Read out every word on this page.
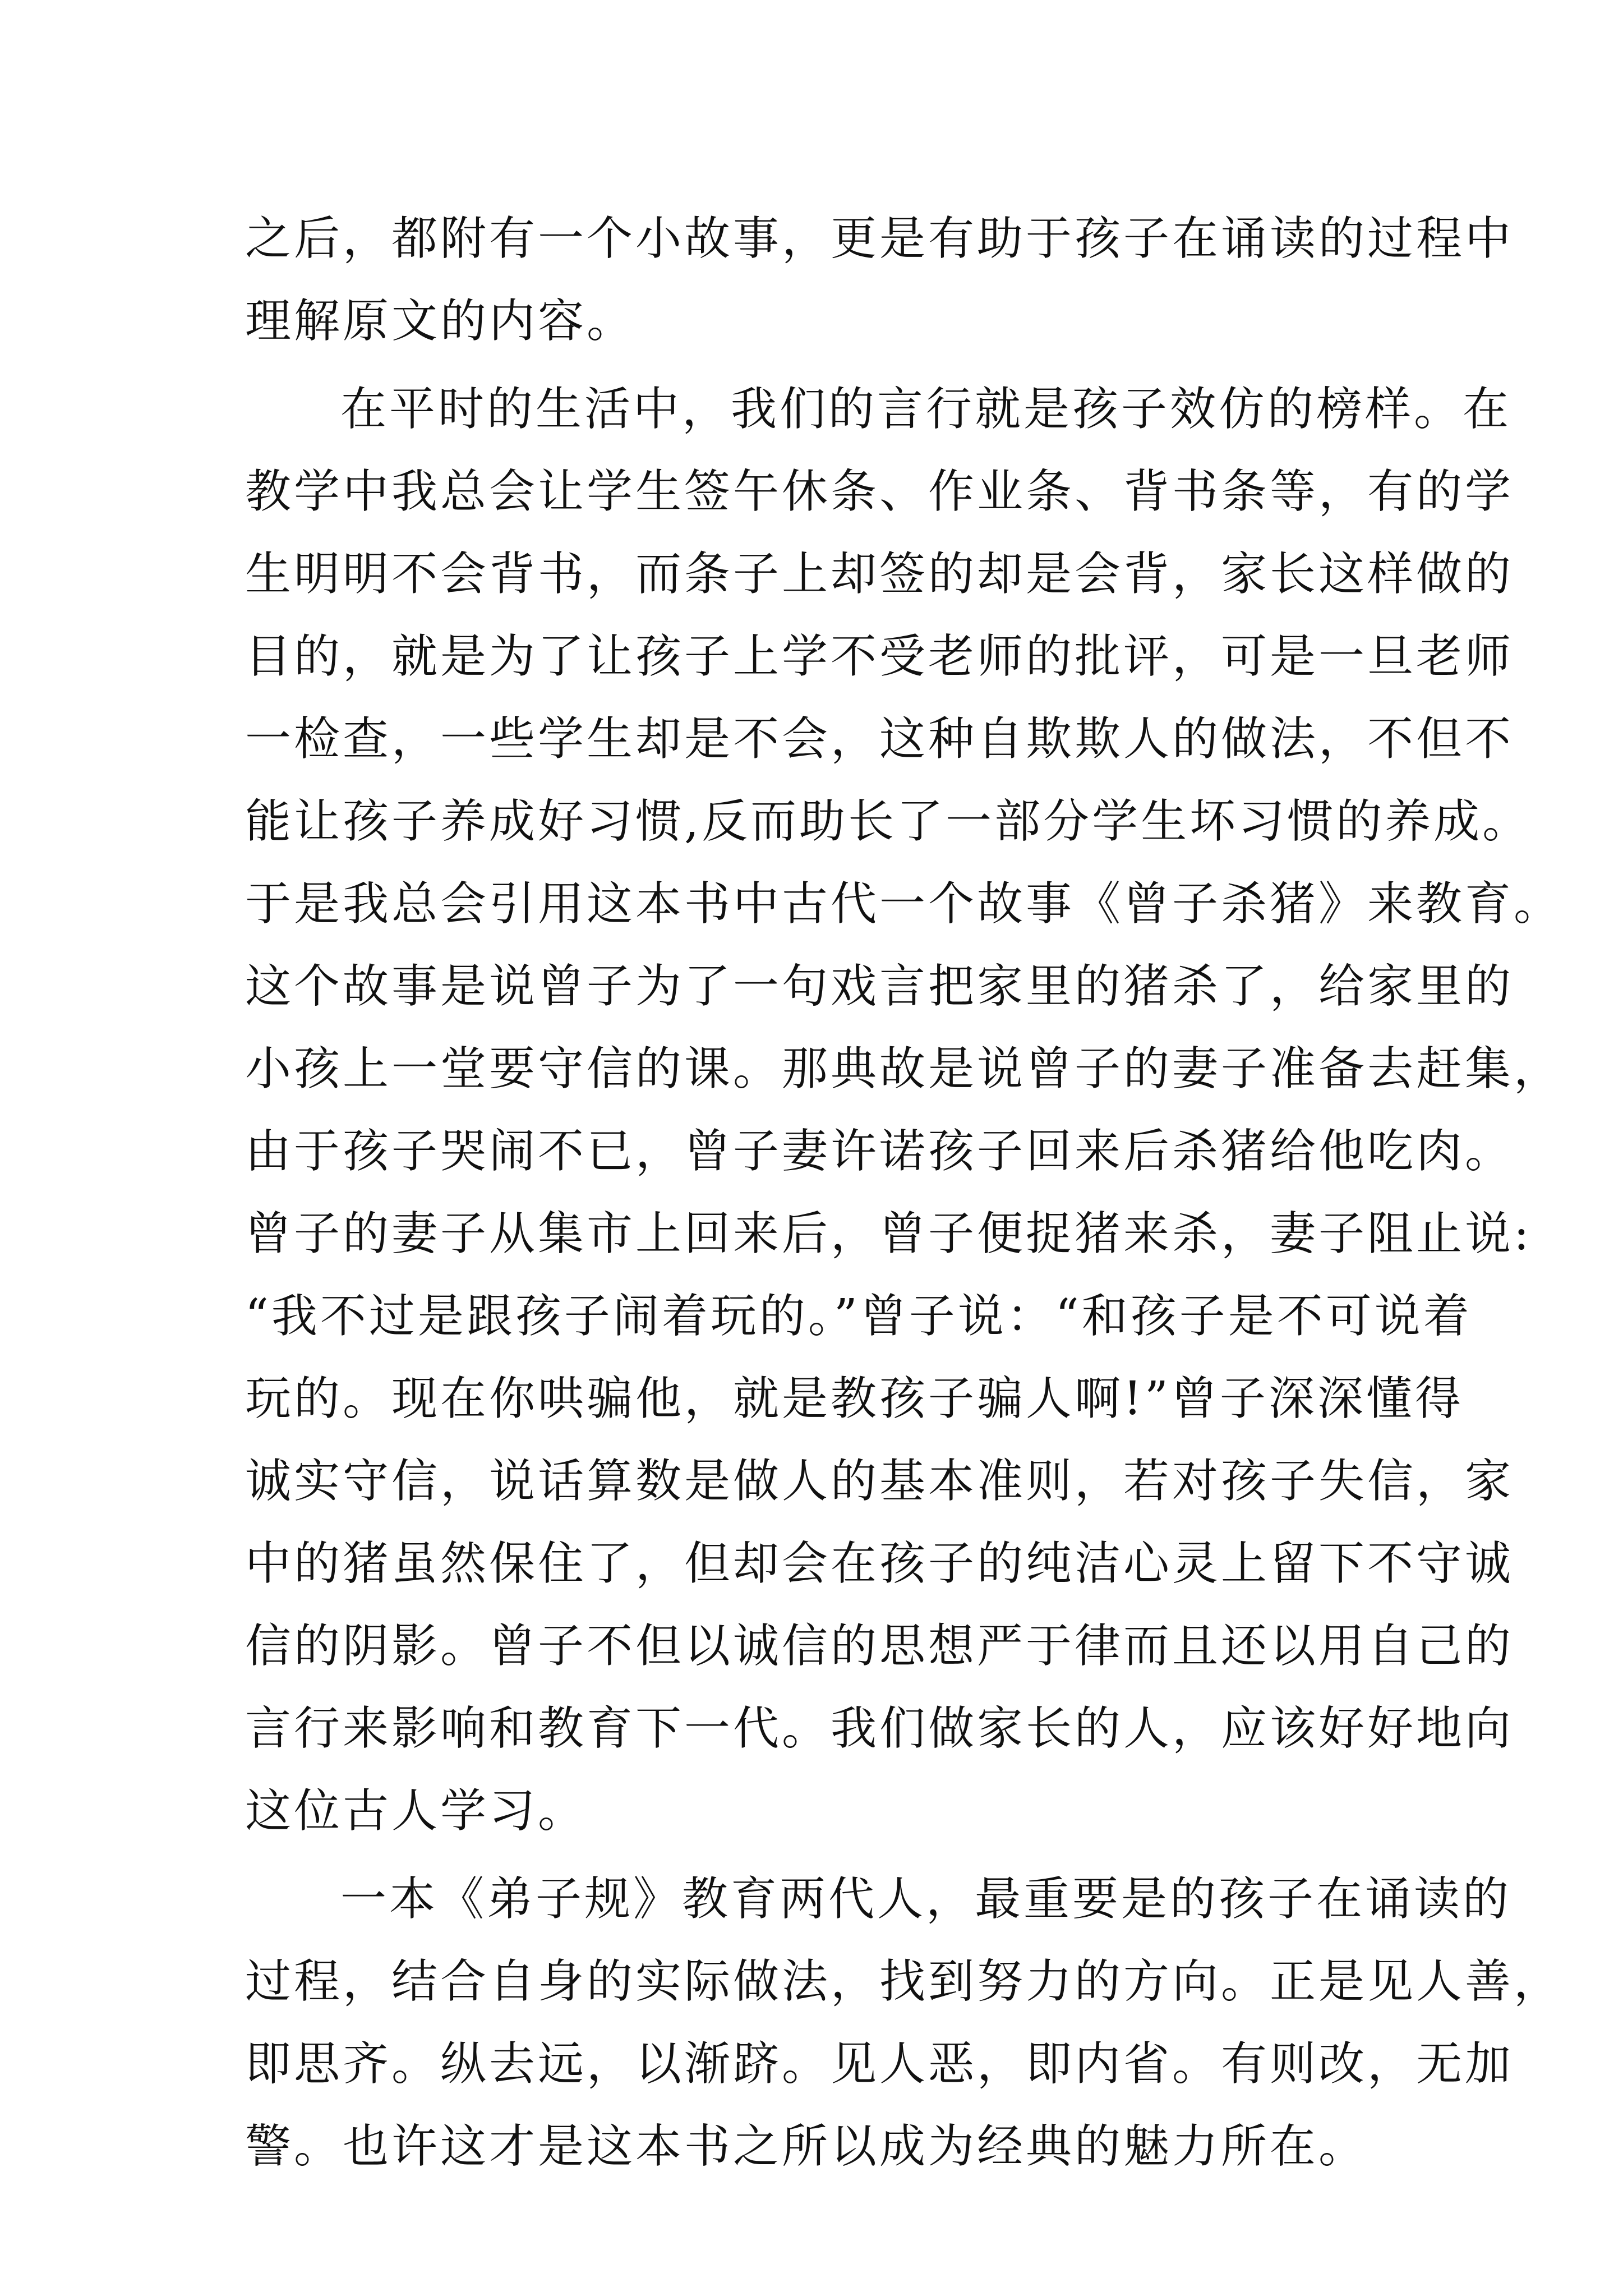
之后，都附有一个小故事，更是有助于孩子在诵读的过程中
理解原文的内容。
在平时的生活中，我们的言行就是孩子效仿的榜样。在
教学中我总会让学生签午休条、作业条、背书条等，有的学
生明明不会背书，而条子上却签的却是会背，家长这样做的
目的，就是为了让孩子上学不受老师的批评，可是一旦老师
一检查，一些学生却是不会，这种自欺欺人的做法，不但不
能让孩子养成好习惯,反而助长了一部分学生坏习惯的养成。
于是我总会引用这本书中古代一个故事《曾子杀猪》来教育。
这个故事是说曾子为了一句戏言把家里的猪杀了，给家里的
小孩上一堂要守信的课。那典故是说曾子的妻子准备去赶集，
由于孩子哭闹不已，曾子妻许诺孩子回来后杀猪给他吃肉。
曾子的妻子从集市上回来后，曾子便捉猪来杀，妻子阻止说:
“我不过是跟孩子闹着玩的。”曾子说：“和孩子是不可说着
玩的。现在你哄骗他，就是教孩子骗人啊!”曾子深深懂得
诚实守信，说话算数是做人的基本准则，若对孩子失信，家
中的猪虽然保住了，但却会在孩子的纯洁心灵上留下不守诚
信的阴影。曾子不但以诚信的思想严于律而且还以用自己的
言行来影响和教育下一代。我们做家长的人，应该好好地向
这位古人学习。
一本《弟子规》教育两代人，最重要是的孩子在诵读的
过程，结合自身的实际做法，找到努力的方向。正是见人善，
即思齐。纵去远，以渐跻。见人恶，即内省。有则改，无加
警。也许这才是这本书之所以成为经典的魅力所在。
